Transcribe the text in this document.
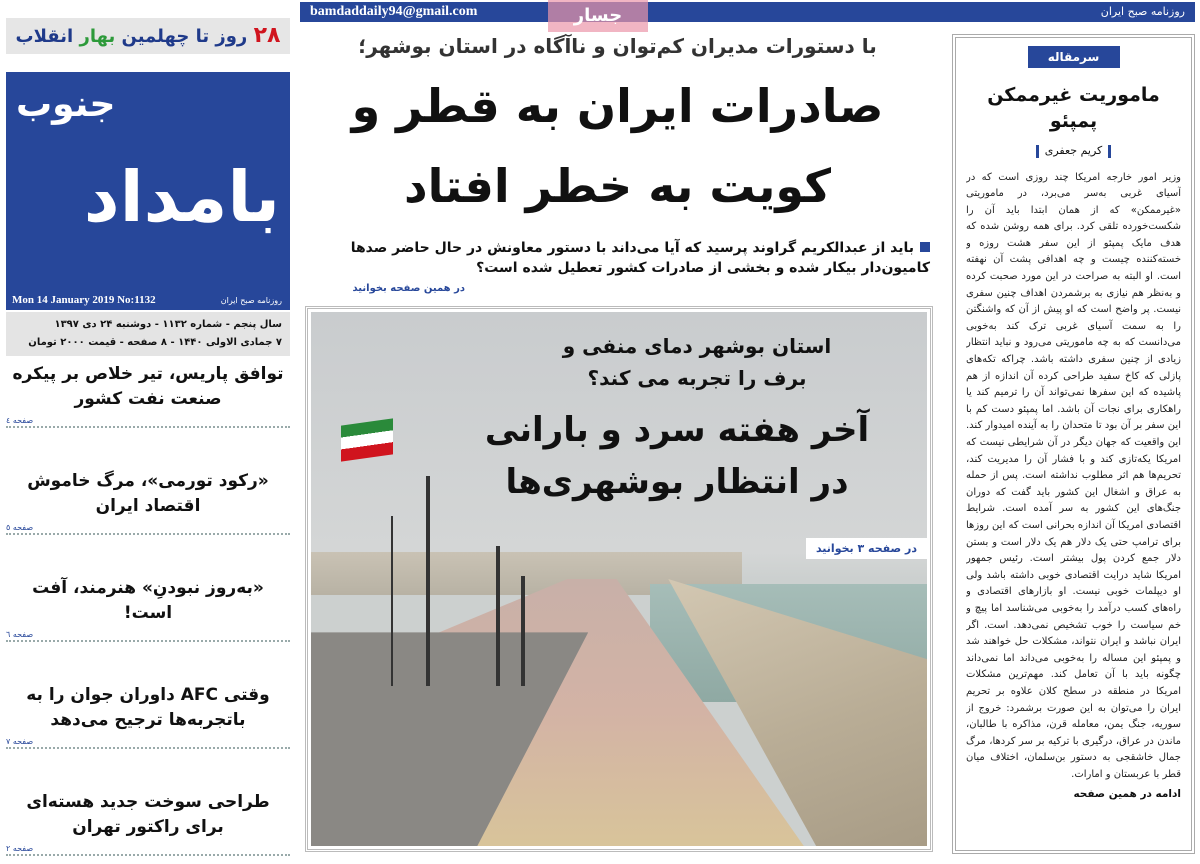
۲۸ روز تا چهلمین بهار انقلاب
جنوب
بامداد
Mon 14 January 2019 No:1132	روزنامه صبح ایران
سال پنجم - شماره ۱۱۳۲ - دوشنبه ۲۴ دی ۱۳۹۷
۷ جمادی الاولی ۱۴۴۰ - ۸ صفحه - قیمت ۲۰۰۰ تومان
توافق پاریس، تیر خلاص بر پیکره
صنعت نفت کشور
صفحه ٤
«رکود تورمی»، مرگ خاموش
اقتصاد ایران
صفحه ٥
«به‌روز نبودنِ» هنرمند، آفت است!
صفحه ٦
وقتی AFC داوران جوان را به
باتجربه‌ها ترجیح می‌دهد
صفحه ۷
طراحی سوخت جدید هسته‌ای
برای راکتور تهران
صفحه ۲
bamdaddaily94@gmail.com	روزنامه صبح ایران
جسار
با دستورات مدیران کم‌توان و ناآگاه در استان بوشهر؛
صادرات ایران به قطر و
کویت به خطر افتاد
باید از عبدالکریم گراوند پرسید که آیا می‌داند با دستور معاونش در حال حاضر صدها کامیون‌دار بیکار شده و بخشی از صادرات کشور تعطیل شده است؟
در همین صفحه بخوانید
استان بوشهر دمای منفی و
برف را تجربه می کند؟
آخر هفته سرد و بارانی
در انتظار بوشهری‌ها
در صفحه ۳ بخوانید
سرمقاله
ماموریت غیرممکن پمپئو
کریم جعفری
وزیر امور خارجه امریکا چند روزی است که در آسیای غربی به‌سر می‌برد، در ماموریتی «غیرممکن» که از همان ابتدا باید آن را شکست‌خورده تلقی کرد. برای همه روشن شده که هدف مایک پمپئو از این سفر هشت روزه و خسته‌کننده چیست و چه اهدافی پشت آن نهفته است. او البته به صراحت در این مورد صحبت کرده و به‌نظر هم نیازی به برشمردن اهداف چنین سفری نیست. پر واضح است که او پیش از آن که واشنگتن را به سمت آسیای غربی ترک کند به‌خوبی می‌دانست که به چه ماموریتی می‌رود و نباید انتظار زیادی از چنین سفری داشته باشد. چراکه تکه‌های پازلی که کاخ سفید طراحی کرده آن اندازه از هم پاشیده که این سفرها نمی‌تواند آن را ترمیم کند یا راهکاری برای نجات آن باشد. اما پمپئو دست کم با این سفر بر آن بود تا متحدان را به آینده امیدوار کند. این واقعیت که جهان دیگر در آن شرایطی نیست که امریکا یکه‌تازی کند و با فشار آن را مدیریت کند، تحریم‌ها هم اثر مطلوب نداشته است. پس از حمله به عراق و اشغال این کشور باید گفت که دوران جنگ‌های این کشور به سر آمده است. شرایط اقتصادی امریکا آن اندازه بحرانی است که این روزها برای ترامپ حتی یک دلار هم یک دلار است و بستن دلار جمع کردن پول بیشتر است. رئیس جمهور امریکا شاید درایت اقتصادی خوبی داشته باشد ولی او دیپلمات خوبی نیست. او بازارهای اقتصادی و راه‌های کسب درآمد را به‌خوبی می‌شناسد اما پیچ و خم سیاست را خوب تشخیص نمی‌دهد. است. اگر ایران نباشد و ایران نتواند، مشکلات حل خواهند شد و پمپئو این مساله را به‌خوبی می‌داند اما نمی‌داند چگونه باید با آن تعامل کند. مهم‌ترین مشکلات امریکا در منطقه در سطح کلان علاوه بر تحریم ایران را می‌توان به این صورت برشمرد: خروج از سوریه، جنگ یمن، معامله قرن، مذاکره با طالبان، ماندن در عراق، درگیری با ترکیه بر سر کردها، مرگ جمال خاشقجی به دستور بن‌سلمان، اختلاف میان قطر با عربستان و امارات.
ادامه در همین صفحه
